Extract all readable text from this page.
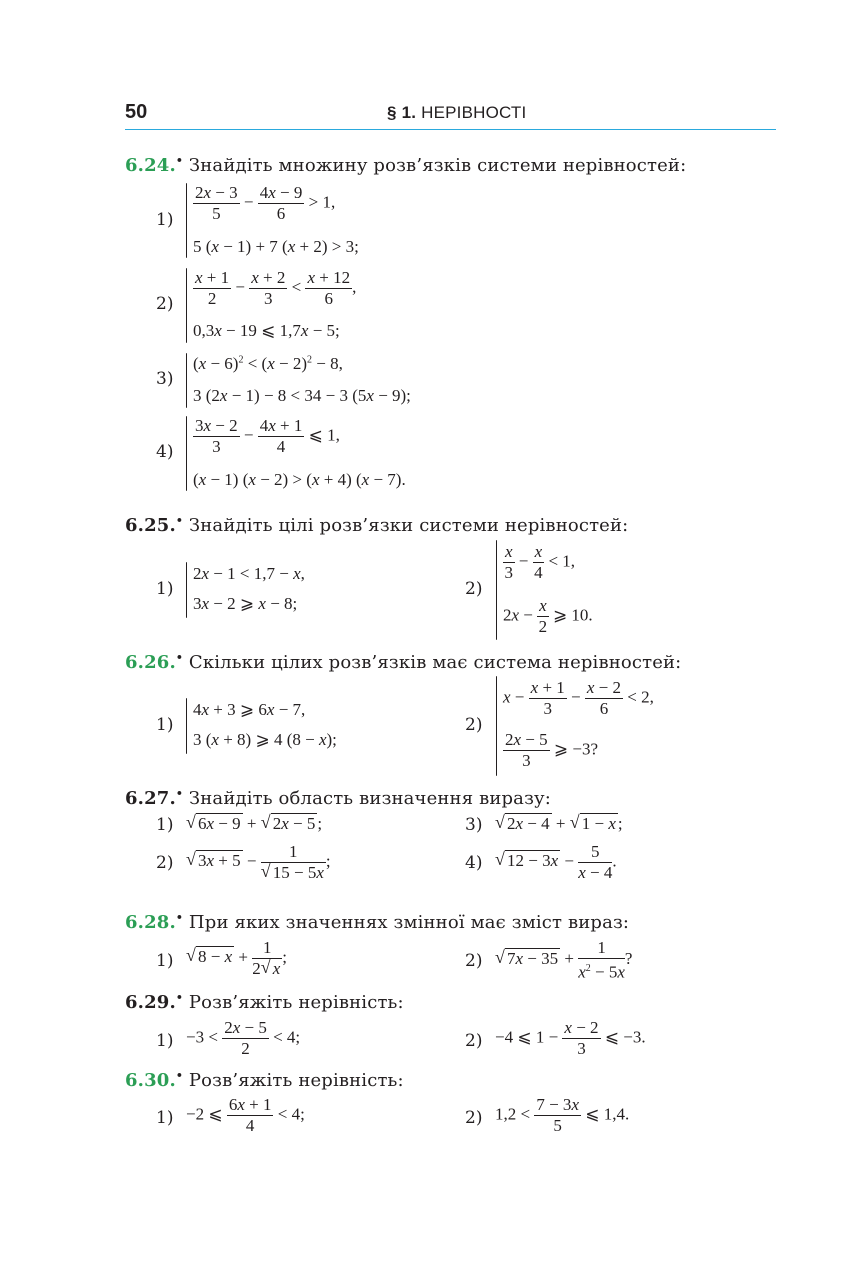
50	§ 1. НЕРІВНОСТІ
6.24.• Знайдіть множину розв’язків системи нерівностей:
$1) \frac{2x - 3}{5} - \frac{4x - 9}{6} > 1$,
5 (x − 1) + 7 (x + 2) > 3;
$2) \frac{x + 1}{2} - \frac{x + 2}{3} < \frac{x + 12}{6}$ ,
0,3x − 19 ⩽ 1,7x − 5;
3)
$(x - 6)^2 < (x - 2)^2 - 8$,
3 (2x − 1) − 8 < 34 − 3 (5x − 9);
$4) \frac{3x - 2}{3} - \frac{4x + 1}{4}$ ⩽ 1,
(x − 1) (x − 2) > (x + 4) (x − 7).
6.25.• Знайдіть цілі розв’язки системи нерівностей:
1)
2x − 1 < 1,7 − x,
3x − 2 ⩾ x − 8;
2)
$\frac{x}{3} - \frac{x}{4} < 1$,
$2x - \frac{x}{2}$ ⩾ 10.
6.26.• Скільки цілих розв’язків має система нерівностей:
1)
4x + 3 ⩾ 6x − 7,
3 (x + 8) ⩾ 4 (8 − x);
2)
$x - \frac{x + 1}{3} - \frac{x - 2}{6} < 2$,
$\frac{2x - 5}{3}$ ⩾ −3?
6.27.• Знайдіть область визначення виразу:
1) √ 6x − 9 + √ 2x − 5 ;	3) √ 2x − 4 + √ 1 − x ;
2) √ $3x + 5 - \frac{1}{√ 15 - 5x}$ ;	4) √ $12 - 3x - \frac{5}{x - 4}$ .
6.28.• При яких значеннях змінної має зміст вираз:
1) √ $8 - x + \frac{1}{2 √ x}$ ;	2) √ $7x - 35 + \frac{1}{x^2 - 5x}$ ?
6.29.• Розв’яжіть нерівність:
$1) -3 < \frac{2x - 5}{2} < 4$;	2) −4 ⩽ $1 - \frac{x - 2}{3}$ ⩽ −3.
6.30.• Розв’яжіть нерівність:
1) −2 ⩽ $\frac{6x + 1}{4} < 4$;	2) $1,2 < \frac{7 - 3x}{5}$ ⩽ 1,4.
